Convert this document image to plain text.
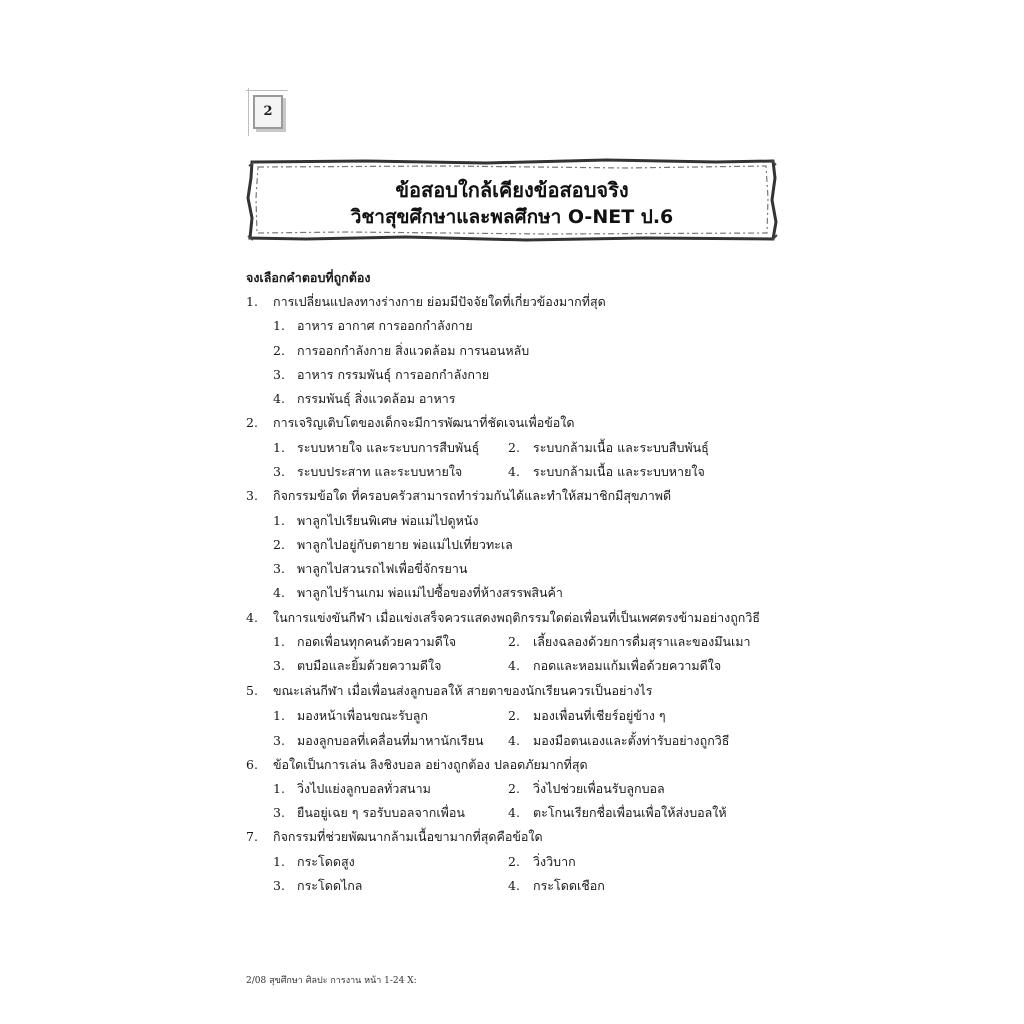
2
ข้อสอบใกล้เคียงข้อสอบจริง
วิชาสุขศึกษาและพลศึกษา O-NET ป.6
จงเลือกคำตอบที่ถูกต้อง
1. การเปลี่ยนแปลงทางร่างกาย ย่อมมีปัจจัยใดที่เกี่ยวข้องมากที่สุด
1. อาหาร อากาศ การออกกำลังกาย
2. การออกกำลังกาย สิ่งแวดล้อม การนอนหลับ
3. อาหาร กรรมพันธุ์ การออกกำลังกาย
4. กรรมพันธุ์ สิ่งแวดล้อม อาหาร
2. การเจริญเติบโตของเด็กจะมีการพัฒนาที่ชัดเจนเพื่อข้อใด
1. ระบบหายใจ และระบบการสืบพันธุ์ 2. ระบบกล้ามเนื้อ และระบบสืบพันธุ์
3. ระบบประสาท และระบบหายใจ	4. ระบบกล้ามเนื้อ และระบบหายใจ
3. กิจกรรมข้อใด ที่ครอบครัวสามารถทำร่วมกันได้และทำให้สมาชิกมีสุขภาพดี
1. พาลูกไปเรียนพิเศษ พ่อแม่ไปดูหนัง
2. พาลูกไปอยู่กับตายาย พ่อแม่ไปเที่ยวทะเล
3. พาลูกไปสวนรถไฟเพื่อขี่จักรยาน
4. พาลูกไปร้านเกม พ่อแม่ไปซื้อของที่ห้างสรรพสินค้า
4. ในการแข่งขันกีฬา เมื่อแข่งเสร็จควรแสดงพฤติกรรมใดต่อเพื่อนที่เป็นเพศตรงข้ามอย่างถูกวิธี
1. กอดเพื่อนทุกคนด้วยความดีใจ	2. เลี้ยงฉลองด้วยการดื่มสุราและของมึนเมา
3. ตบมือและยิ้มด้วยความดีใจ	4. กอดและหอมแก้มเพื่อด้วยความดีใจ
5. ขณะเล่นกีฬา เมื่อเพื่อนส่งลูกบอลให้ สายตาของนักเรียนควรเป็นอย่างไร
1. มองหน้าเพื่อนขณะรับลูก	2. มองเพื่อนที่เชียร์อยู่ข้าง ๆ
3. มองลูกบอลที่เคลื่อนที่มาหานักเรียน 4. มองมือตนเองและตั้งท่ารับอย่างถูกวิธี
6. ข้อใดเป็นการเล่น ลิงชิงบอล อย่างถูกต้อง ปลอดภัยมากที่สุด
1. วิ่งไปแย่งลูกบอลทั่วสนาม	2. วิ่งไปช่วยเพื่อนรับลูกบอล
3. ยืนอยู่เฉย ๆ รอรับบอลจากเพื่อน	4. ตะโกนเรียกชื่อเพื่อนเพื่อให้ส่งบอลให้
7. กิจกรรมที่ช่วยพัฒนากล้ามเนื้อขามากที่สุดคือข้อใด
1. กระโดดสูง	2. วิ่งวิบาก
3. กระโดดไกล	4. กระโดดเชือก
2/08 สุขศึกษา ศิลปะ การงาน หน้า 1-24 X:
